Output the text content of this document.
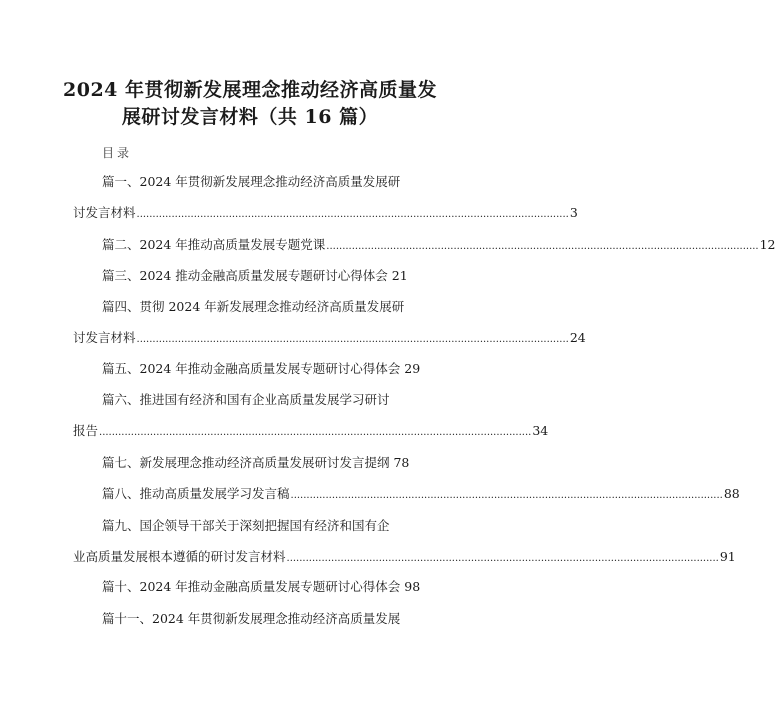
2024 年贯彻新发展理念推动经济高质量发
展研讨发言材料（共 16 篇）

目录

篇一、2024 年贯彻新发展理念推动经济高质量发展研
讨发言材料 ........................................................................................................................................ 3
篇二、2024 年推动高质量发展专题党课 ........................................................................................................................................ 12
篇三、2024 推动金融高质量发展专题研讨心得体会 21
篇四、贯彻 2024 年新发展理念推动经济高质量发展研
讨发言材料 ........................................................................................................................................ 24
篇五、2024 年推动金融高质量发展专题研讨心得体会 29
篇六、推进国有经济和国有企业高质量发展学习研讨
报告 ........................................................................................................................................ 34
篇七、新发展理念推动经济高质量发展研讨发言提纲 78
篇八、推动高质量发展学习发言稿 ........................................................................................................................................ 88
篇九、国企领导干部关于深刻把握国有经济和国有企
业高质量发展根本遵循的研讨发言材料 ........................................................................................................................................ 91
篇十、2024 年推动金融高质量发展专题研讨心得体会 98
篇十一、2024 年贯彻新发展理念推动经济高质量发展
